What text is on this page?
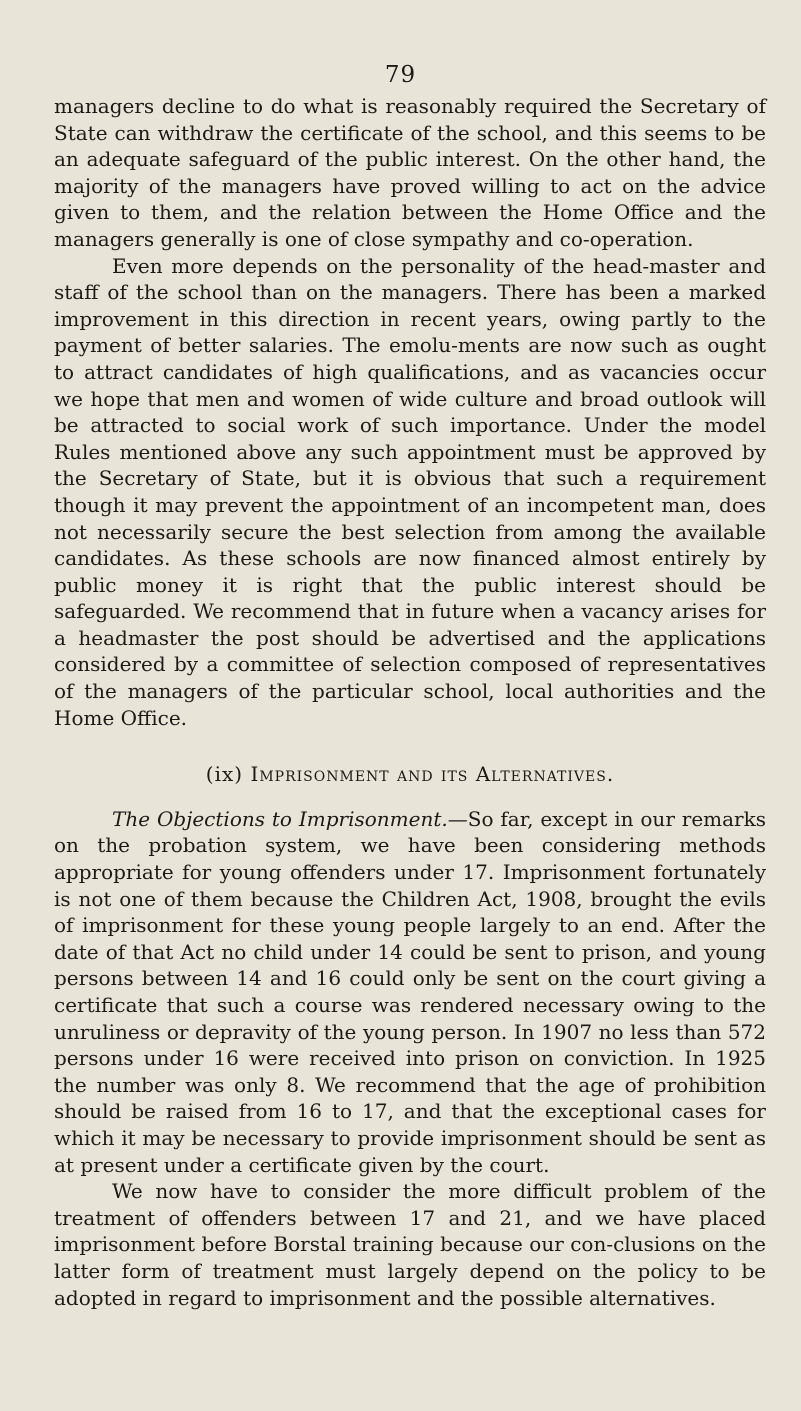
79

managers decline to do what is reasonably required the Secretary of State can withdraw the certificate of the school, and this seems to be an adequate safeguard of the public interest. On the other hand, the majority of the managers have proved willing to act on the advice given to them, and the relation between the Home Office and the managers generally is one of close sympathy and co-operation.

Even more depends on the personality of the head-master and staff of the school than on the managers. There has been a marked improvement in this direction in recent years, owing partly to the payment of better salaries. The emolu-ments are now such as ought to attract candidates of high qualifications, and as vacancies occur we hope that men and women of wide culture and broad outlook will be attracted to social work of such importance. Under the model Rules mentioned above any such appointment must be approved by the Secretary of State, but it is obvious that such a requirement though it may prevent the appointment of an incompetent man, does not necessarily secure the best selection from among the available candidates. As these schools are now financed almost entirely by public money it is right that the public interest should be safeguarded. We recommend that in future when a vacancy arises for a headmaster the post should be advertised and the applications considered by a committee of selection composed of representatives of the managers of the particular school, local authorities and the Home Office.

(ix) Imprisonment and its Alternatives.

The Objections to Imprisonment.—So far, except in our remarks on the probation system, we have been considering methods appropriate for young offenders under 17. Imprisonment fortunately is not one of them because the Children Act, 1908, brought the evils of imprisonment for these young people largely to an end. After the date of that Act no child under 14 could be sent to prison, and young persons between 14 and 16 could only be sent on the court giving a certificate that such a course was rendered necessary owing to the unruliness or depravity of the young person. In 1907 no less than 572 persons under 16 were received into prison on conviction. In 1925 the number was only 8. We recommend that the age of prohibition should be raised from 16 to 17, and that the exceptional cases for which it may be necessary to provide imprisonment should be sent as at present under a certificate given by the court.

We now have to consider the more difficult problem of the treatment of offenders between 17 and 21, and we have placed imprisonment before Borstal training because our con-clusions on the latter form of treatment must largely depend on the policy to be adopted in regard to imprisonment and the possible alternatives.
